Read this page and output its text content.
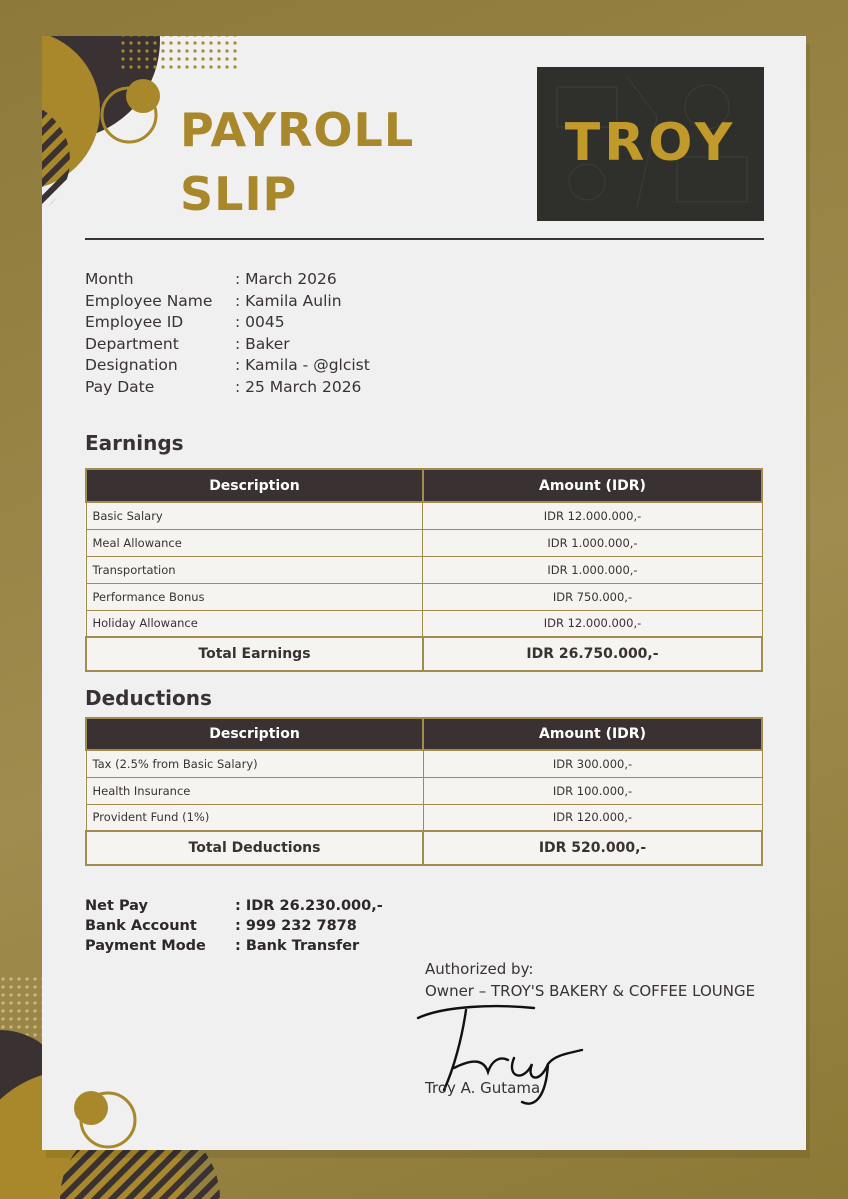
PAYROLL
SLIP
TROY
Month	: March 2026
Employee Name	: Kamila Aulin
Employee ID	: 0045
Department	: Baker
Designation	: Kamila - @glcist
Pay Date	: 25 March 2026
Earnings
Description	Amount (IDR)
Basic Salary	IDR 12.000.000,-
Meal Allowance	IDR 1.000.000,-
Transportation	IDR 1.000.000,-
Performance Bonus	IDR 750.000,-
Holiday Allowance	IDR 12.000.000,-
Total Earnings	IDR 26.750.000,-
Deductions
Description	Amount (IDR)
Tax (2.5% from Basic Salary)	IDR 300.000,-
Health Insurance	IDR 100.000,-
Provident Fund (1%)	IDR 120.000,-
Total Deductions	IDR 520.000,-
Net Pay	: IDR 26.230.000,-
Bank Account	: 999 232 7878
Payment Mode	: Bank Transfer
Authorized by:
Owner – TROY'S BAKERY & COFFEE LOUNGE
Troy A. Gutama
